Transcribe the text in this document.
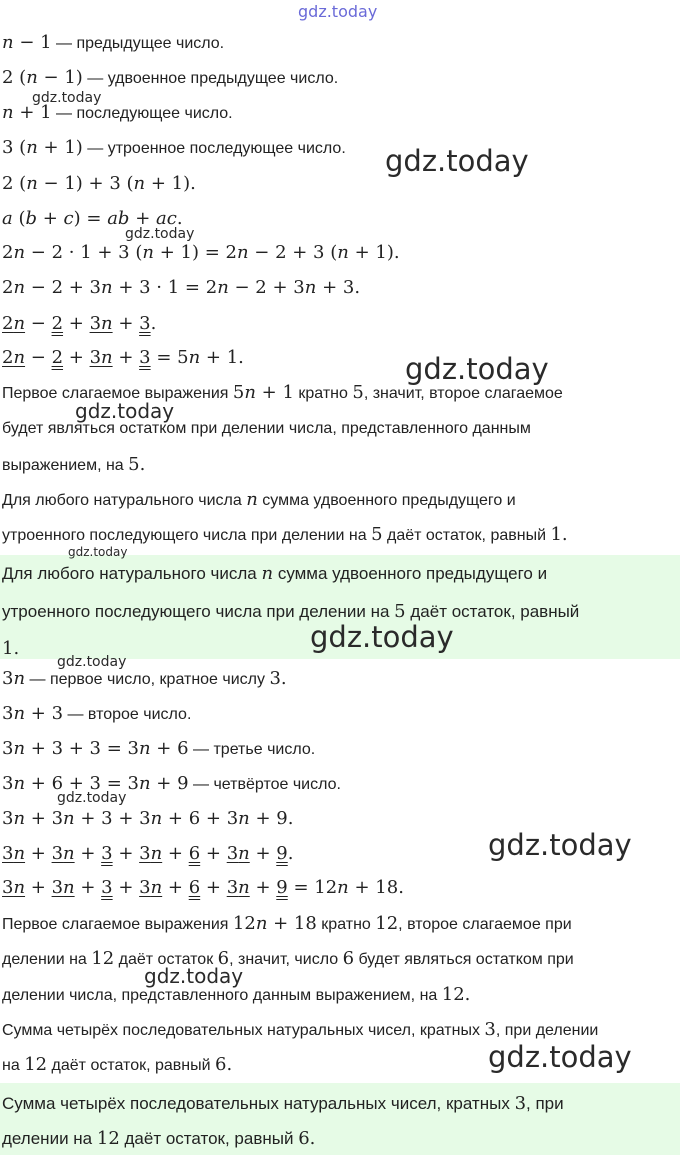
gdz.today
gdz.today
gdz.today
gdz.today
gdz.today
gdz.today
gdz.today
gdz.today
gdz.today
gdz.today
gdz.today
gdz.today
gdz.today
n − 1 — предыдущее число.
2 (n − 1) — удвоенное предыдущее число.
n + 1 — последующее число.
3 (n + 1) — утроенное последующее число.
2 (n − 1) + 3 (n + 1).
a (b + c) = ab + ac.
2n − 2 · 1 + 3 (n + 1) = 2n − 2 + 3 (n + 1).
2n − 2 + 3n + 3 · 1 = 2n − 2 + 3n + 3.
2n − 2 + 3n + 3.
2n − 2 + 3n + 3 = 5n + 1.
Первое слагаемое выражения 5n + 1 кратно 5, значит, второе слагаемое
будет являться остатком при делении числа, представленного данным
выражением, на 5.
Для любого натурального числа n сумма удвоенного предыдущего и
утроенного последующего числа при делении на 5 даёт остаток, равный 1.
Для любого натурального числа n сумма удвоенного предыдущего и
утроенного последующего числа при делении на 5 даёт остаток, равный
1.
3n — первое число, кратное числу 3.
3n + 3 — второе число.
3n + 3 + 3 = 3n + 6 — третье число.
3n + 6 + 3 = 3n + 9 — четвёртое число.
3n + 3n + 3 + 3n + 6 + 3n + 9.
3n + 3n + 3 + 3n + 6 + 3n + 9.
3n + 3n + 3 + 3n + 6 + 3n + 9 = 12n + 18.
Первое слагаемое выражения 12n + 18 кратно 12, второе слагаемое при
делении на 12 даёт остаток 6, значит, число 6 будет являться остатком при
делении числа, представленного данным выражением, на 12.
Сумма четырёх последовательных натуральных чисел, кратных 3, при делении
на 12 даёт остаток, равный 6.
Сумма четырёх последовательных натуральных чисел, кратных 3, при
делении на 12 даёт остаток, равный 6.
